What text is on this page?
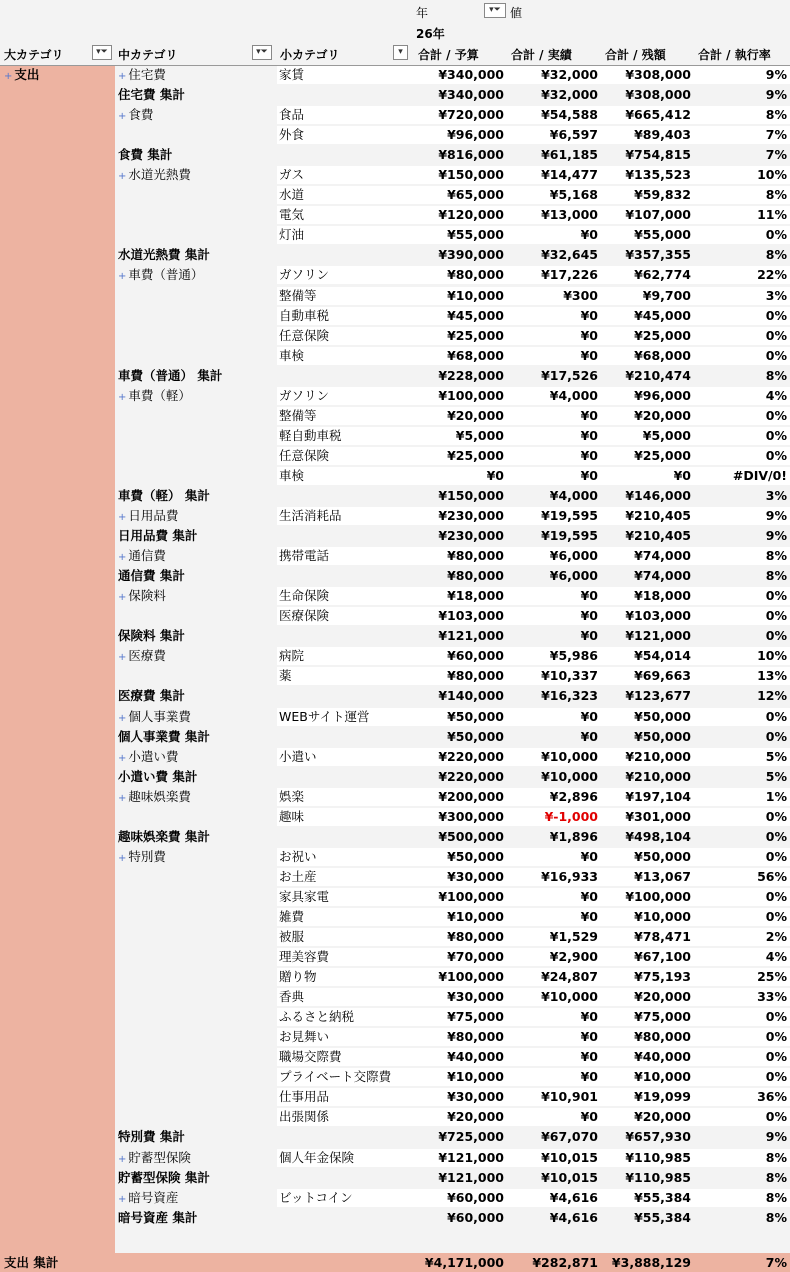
年	▾⏷ 値
26年
大カテゴリ	▾⏷ 中カテゴリ	▾⏷	小カテゴリ	▾	合計 / 予算	合計 / 実績	合計 / 残額	合計 / 執行率
+ 支出	+ 住宅費	家賃	¥340,000	¥32,000	¥308,000	9%
住宅費 集計	¥340,000	¥32,000	¥308,000	9%
+ 食費	食品	¥720,000	¥54,588	¥665,412	8%
外食	¥96,000	¥6,597	¥89,403	7%
食費 集計	¥816,000	¥61,185	¥754,815	7%
+ 水道光熱費	ガス	¥150,000	¥14,477	¥135,523	10%
水道	¥65,000	¥5,168	¥59,832	8%
電気	¥120,000	¥13,000	¥107,000	11%
灯油	¥55,000	¥0	¥55,000	0%
水道光熱費 集計	¥390,000	¥32,645	¥357,355	8%
+ 車費（普通）	ガソリン	¥80,000	¥17,226	¥62,774	22%
整備等	¥10,000	¥300	¥9,700	3%
自動車税	¥45,000	¥0	¥45,000	0%
任意保険	¥25,000	¥0	¥25,000	0%
車検	¥68,000	¥0	¥68,000	0%
車費（普通） 集計	¥228,000	¥17,526	¥210,474	8%
+ 車費（軽）	ガソリン	¥100,000	¥4,000	¥96,000	4%
整備等	¥20,000	¥0	¥20,000	0%
軽自動車税	¥5,000	¥0	¥5,000	0%
任意保険	¥25,000	¥0	¥25,000	0%
車検	¥0	¥0	¥0	#DIV/0!
車費（軽） 集計	¥150,000	¥4,000	¥146,000	3%
+ 日用品費	生活消耗品	¥230,000	¥19,595	¥210,405	9%
日用品費 集計	¥230,000	¥19,595	¥210,405	9%
+ 通信費	携帯電話	¥80,000	¥6,000	¥74,000	8%
通信費 集計	¥80,000	¥6,000	¥74,000	8%
+ 保険料	生命保険	¥18,000	¥0	¥18,000	0%
医療保険	¥103,000	¥0	¥103,000	0%
保険料 集計	¥121,000	¥0	¥121,000	0%
+ 医療費	病院	¥60,000	¥5,986	¥54,014	10%
薬	¥80,000	¥10,337	¥69,663	13%
医療費 集計	¥140,000	¥16,323	¥123,677	12%
+ 個人事業費	WEBサイト運営	¥50,000	¥0	¥50,000	0%
個人事業費 集計	¥50,000	¥0	¥50,000	0%
+ 小遣い費	小遣い	¥220,000	¥10,000	¥210,000	5%
小遣い費 集計	¥220,000	¥10,000	¥210,000	5%
+ 趣味娯楽費	娯楽	¥200,000	¥2,896	¥197,104	1%
趣味	¥300,000	¥-1,000	¥301,000	0%
趣味娯楽費 集計	¥500,000	¥1,896	¥498,104	0%
+ 特別費	お祝い	¥50,000	¥0	¥50,000	0%
お土産	¥30,000	¥16,933	¥13,067	56%
家具家電	¥100,000	¥0	¥100,000	0%
雑費	¥10,000	¥0	¥10,000	0%
被服	¥80,000	¥1,529	¥78,471	2%
理美容費	¥70,000	¥2,900	¥67,100	4%
贈り物	¥100,000	¥24,807	¥75,193	25%
香典	¥30,000	¥10,000	¥20,000	33%
ふるさと納税	¥75,000	¥0	¥75,000	0%
お見舞い	¥80,000	¥0	¥80,000	0%
職場交際費	¥40,000	¥0	¥40,000	0%
プライベート交際費	¥10,000	¥0	¥10,000	0%
仕事用品	¥30,000	¥10,901	¥19,099	36%
出張関係	¥20,000	¥0	¥20,000	0%
特別費 集計	¥725,000	¥67,070	¥657,930	9%
+ 貯蓄型保険	個人年金保険	¥121,000	¥10,015	¥110,985	8%
貯蓄型保険 集計	¥121,000	¥10,015	¥110,985	8%
+ 暗号資産	ビットコイン	¥60,000	¥4,616	¥55,384	8%
暗号資産 集計	¥60,000	¥4,616	¥55,384	8%
支出 集計	¥4,171,000	¥282,871	¥3,888,129	7%
